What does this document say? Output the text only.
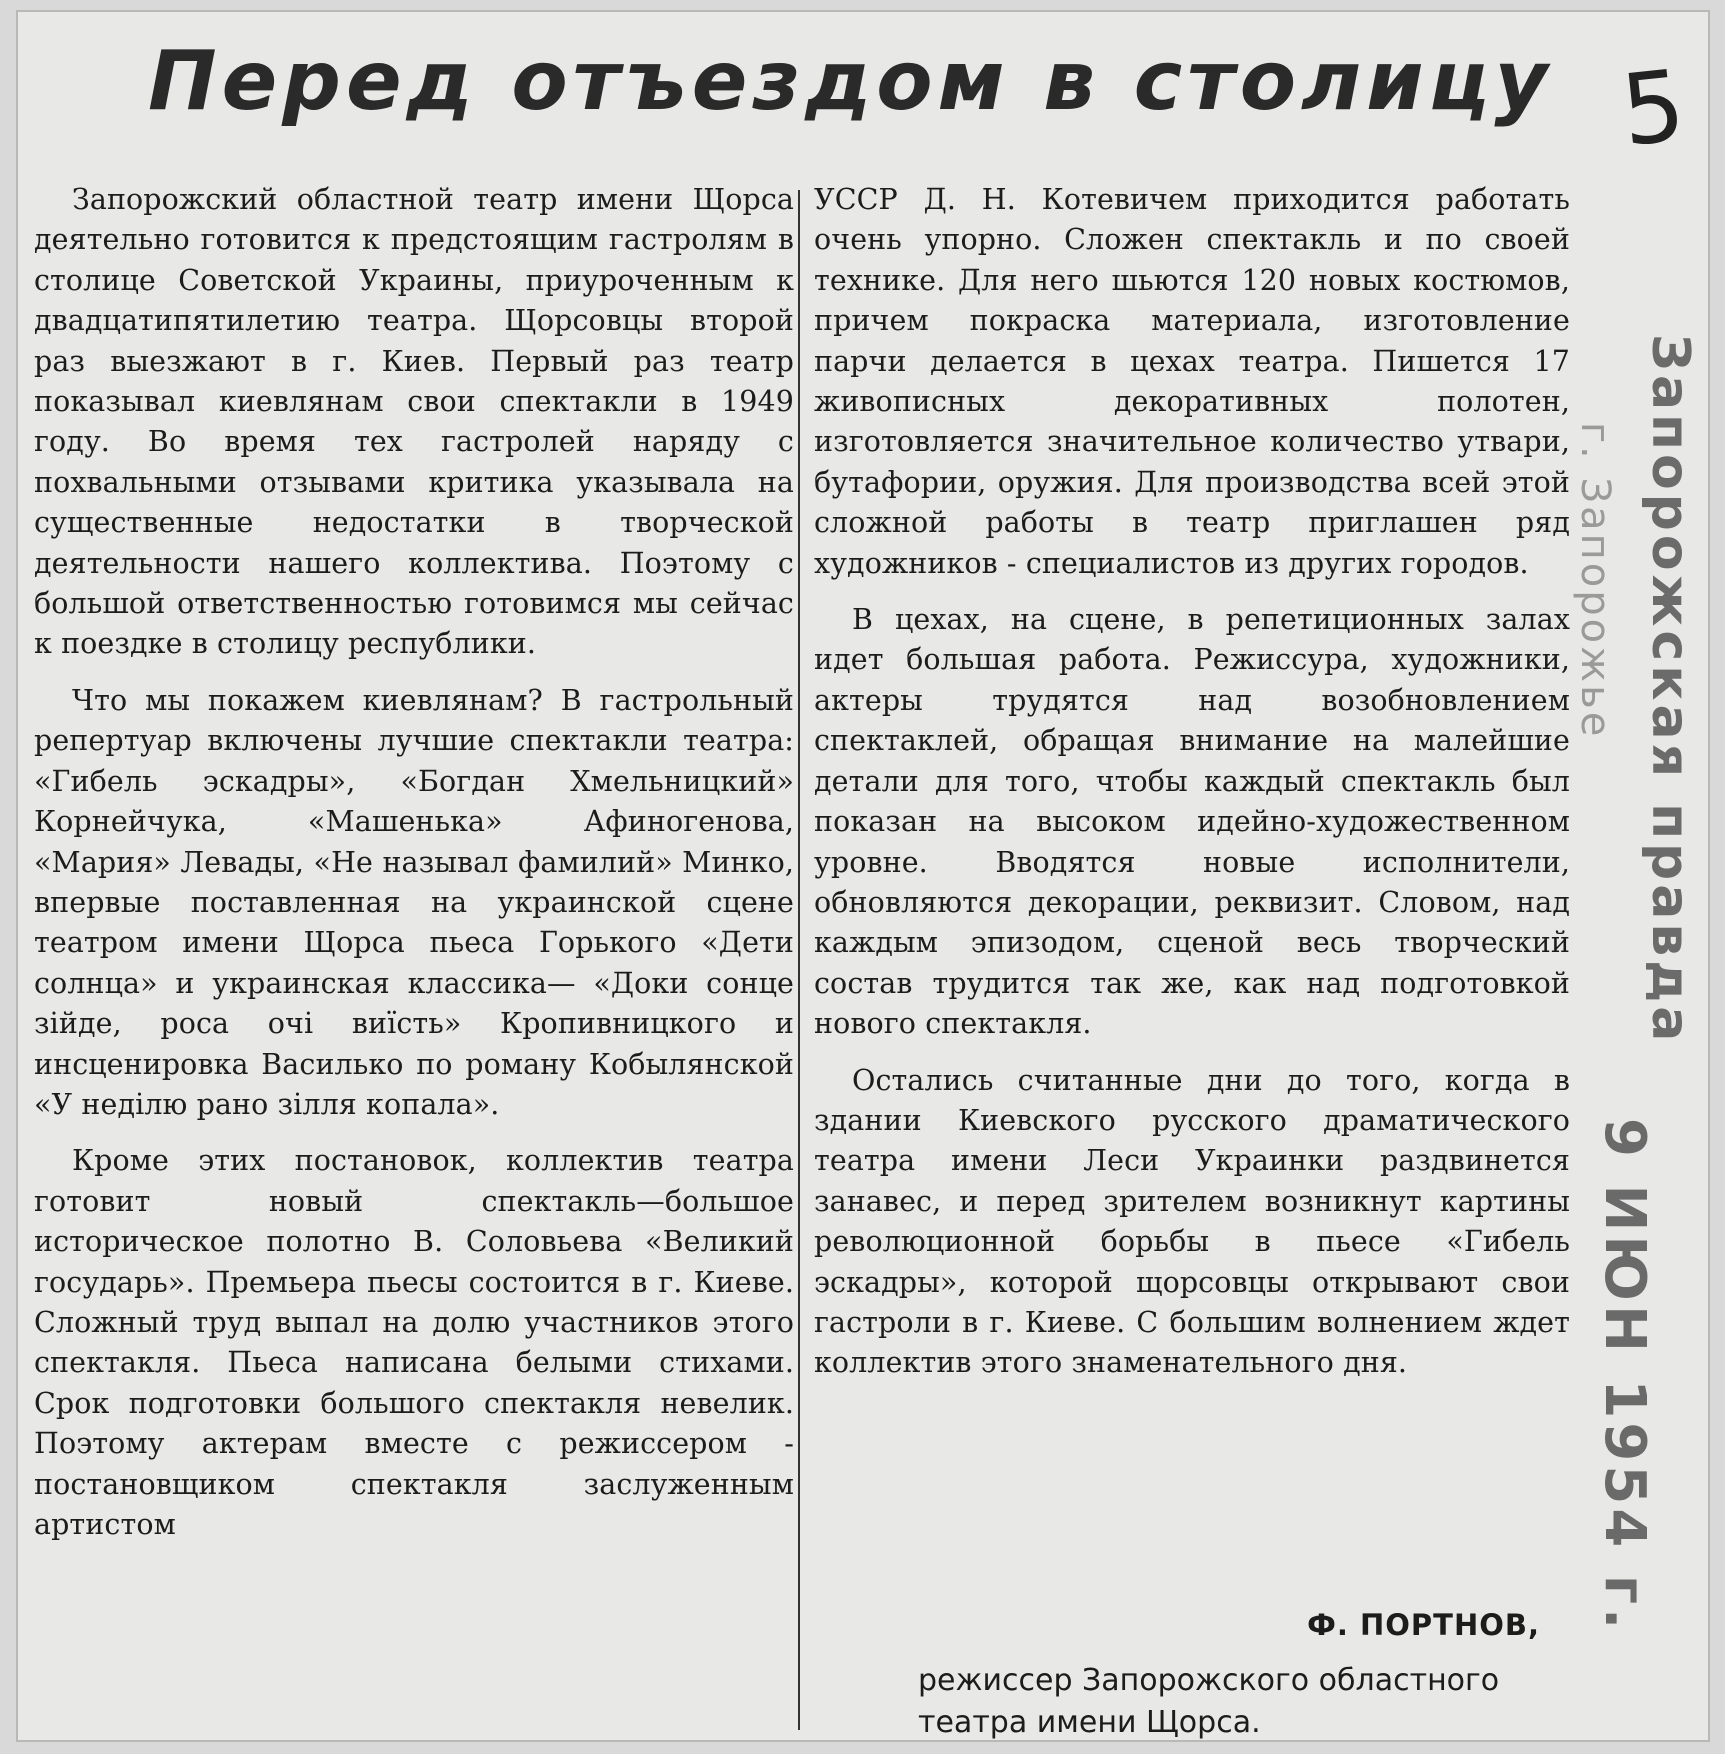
Перед отъездом в столицу 5

Запорожский областной театр имени Щорса деятельно готовится к предстоящим гастролям в столице Советской Украины, приуроченным к двадцатипятилетию театра. Щорсовцы второй раз выезжают в г. Киев. Первый раз театр показывал киевлянам свои спектакли в 1949 году. Во время тех гастролей наряду с похвальными отзывами критика указывала на существенные недостатки в творческой деятельности нашего коллектива. Поэтому с большой ответственностью готовимся мы сейчас к поездке в столицу республики.

Что мы покажем киевлянам? В гастрольный репертуар включены лучшие спектакли театра: «Гибель эскадры», «Богдан Хмельницкий» Корнейчука, «Машенька» Афиногенова, «Мария» Левады, «Не называл фамилий» Минко, впервые поставленная на украинской сцене театром имени Щорса пьеса Горького «Дети солнца» и украинская классика— «Доки сонце зійде, роса очі виїсть» Кропивницкого и инсценировка Василько по роману Кобылянской «У неділю рано зілля копала».

Кроме этих постановок, коллектив театра готовит новый спектакль—большое историческое полотно В. Соловьева «Великий государь». Премьера пьесы состоится в г. Киеве. Сложный труд выпал на долю участников этого спектакля. Пьеса написана белыми стихами. Срок подготовки большого спектакля невелик. Поэтому актерам вместе с режиссером - постановщиком спектакля заслуженным артистом

УССР Д. Н. Котевичем приходится работать очень упорно. Сложен спектакль и по своей технике. Для него шьются 120 новых костюмов, причем покраска материала, изготовление парчи делается в цехах театра. Пишется 17 живописных декоративных полотен, изготовляется значительное количество утвари, бутафории, оружия. Для производства всей этой сложной работы в театр приглашен ряд художников - специалистов из других городов.

В цехах, на сцене, в репетиционных залах идет большая работа. Режиссура, художники, актеры трудятся над возобновлением спектаклей, обращая внимание на малейшие детали для того, чтобы каждый спектакль был показан на высоком идейно-художественном уровне. Вводятся новые исполнители, обновляются декорации, реквизит. Словом, над каждым эпизодом, сценой весь творческий состав трудится так же, как над подготовкой нового спектакля.

Остались считанные дни до того, когда в здании Киевского русского драматического театра имени Леси Украинки раздвинется занавес, и перед зрителем возникнут картины революционной борьбы в пьесе «Гибель эскадры», которой щорсовцы открывают свои гастроли в г. Киеве. С большим волнением ждет коллектив этого знаменательного дня.

Ф. ПОРТНОВ,
режиссер Запорожского областного театра имени Щорса.
Запорожская правда
г. Запорожье
9 ИЮН 1954 г.
